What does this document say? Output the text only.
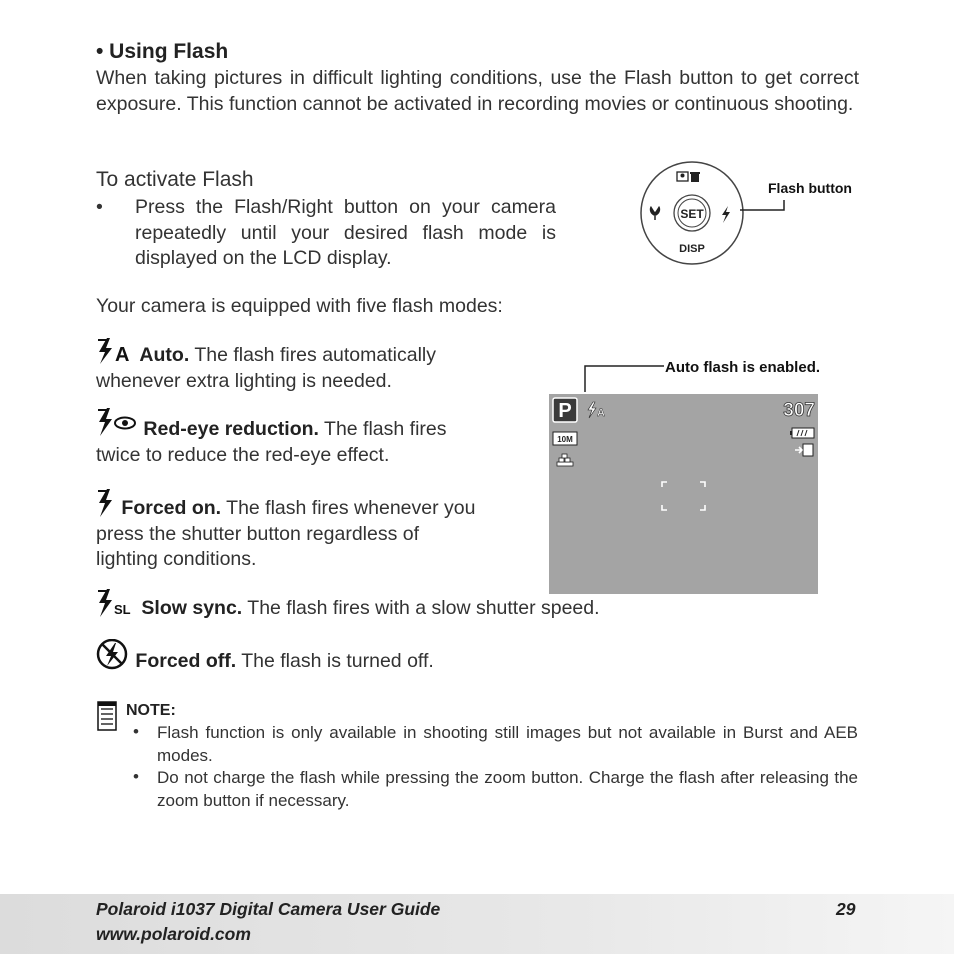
• Using Flash
When taking pictures in difficult lighting conditions, use the Flash button to get correct exposure. This function cannot be activated in recording movies or continuous shooting.
To activate Flash
• Press the Flash/Right button on your camera repeatedly until your desired flash mode is displayed on the LCD display.
SET
DISP
Flash button
Your camera is equipped with five flash modes:
A Auto. The flash fires automatically whenever extra lighting is needed.
Red-eye reduction. The flash fires twice to reduce the red-eye effect.
Forced on. The flash fires whenever you press the shutter button regardless of lighting conditions.
SL Slow sync. The flash fires with a slow shutter speed.
Forced off. The flash is turned off.
Auto flash is enabled.
P A	307
10M
NOTE:
• Flash function is only available in shooting still images but not available in Burst and AEB modes.
• Do not charge the flash while pressing the zoom button. Charge the flash after releasing the zoom button if necessary.
Polaroid i1037 Digital Camera User Guide
www.polaroid.com
29
